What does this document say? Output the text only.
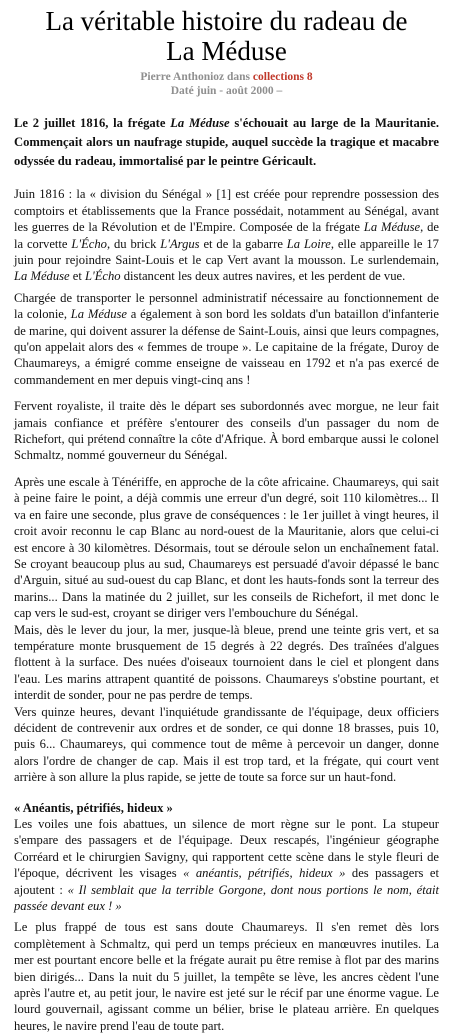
La véritable histoire du radeau de
La Méduse
Pierre Anthonioz dans collections 8
Daté juin - août 2000 –
Le 2 juillet 1816, la frégate La Méduse s'échouait au large de la Mauritanie. Commençait alors un naufrage stupide, auquel succède la tragique et macabre odyssée du radeau, immortalisé par le peintre Géricault.

Juin 1816 : la « division du Sénégal » [1] est créée pour reprendre possession des comptoirs et établissements que la France possédait, notamment au Sénégal, avant les guerres de la Révolution et de l'Empire. Composée de la frégate La Méduse, de la corvette L'Écho, du brick L'Argus et de la gabarre La Loire, elle appareille le 17 juin pour rejoindre Saint-Louis et le cap Vert avant la mousson. Le surlendemain, La Méduse et L'Écho distancent les deux autres navires, et les perdent de vue.

Chargée de transporter le personnel administratif nécessaire au fonctionnement de la colonie, La Méduse a également à son bord les soldats d'un bataillon d'infanterie de marine, qui doivent assurer la défense de Saint-Louis, ainsi que leurs compagnes, qu'on appelait alors des « femmes de troupe ». Le capitaine de la frégate, Duroy de Chaumareys, a émigré comme enseigne de vaisseau en 1792 et n'a pas exercé de commandement en mer depuis vingt-cinq ans !

Fervent royaliste, il traite dès le départ ses subordonnés avec morgue, ne leur fait jamais confiance et préfère s'entourer des conseils d'un passager du nom de Richefort, qui prétend connaître la côte d'Afrique. À bord embarque aussi le colonel Schmaltz, nommé gouverneur du Sénégal.

Après une escale à Ténériffe, en approche de la côte africaine. Chaumareys, qui sait à peine faire le point, a déjà commis une erreur d'un degré, soit 110 kilomètres... Il va en faire une seconde, plus grave de conséquences : le 1er juillet à vingt heures, il croit avoir reconnu le cap Blanc au nord-ouest de la Mauritanie, alors que celui-ci est encore à 30 kilomètres. Désormais, tout se déroule selon un enchaînement fatal. Se croyant beaucoup plus au sud, Chaumareys est persuadé d'avoir dépassé le banc d'Arguin, situé au sud-ouest du cap Blanc, et dont les hauts-fonds sont la terreur des marins... Dans la matinée du 2 juillet, sur les conseils de Richefort, il met donc le cap vers le sud-est, croyant se diriger vers l'embouchure du Sénégal.

Mais, dès le lever du jour, la mer, jusque-là bleue, prend une teinte gris vert, et sa température monte brusquement de 15 degrés à 22 degrés. Des traînées d'algues flottent à la surface. Des nuées d'oiseaux tournoient dans le ciel et plongent dans l'eau. Les marins attrapent quantité de poissons. Chaumareys s'obstine pourtant, et interdit de sonder, pour ne pas perdre de temps.

Vers quinze heures, devant l'inquiétude grandissante de l'équipage, deux officiers décident de contrevenir aux ordres et de sonder, ce qui donne 18 brasses, puis 10, puis 6... Chaumareys, qui commence tout de même à percevoir un danger, donne alors l'ordre de changer de cap. Mais il est trop tard, et la frégate, qui court vent arrière à son allure la plus rapide, se jette de toute sa force sur un haut-fond.

« Anéantis, pétrifiés, hideux »

Les voiles une fois abattues, un silence de mort règne sur le pont. La stupeur s'empare des passagers et de l'équipage. Deux rescapés, l'ingénieur géographe Corréard et le chirurgien Savigny, qui rapportent cette scène dans le style fleuri de l'époque, décrivent les visages « anéantis, pétrifiés, hideux » des passagers et ajoutent : « Il semblait que la terrible Gorgone, dont nous portions le nom, était passée devant eux ! »

Le plus frappé de tous est sans doute Chaumareys. Il s'en remet dès lors complètement à Schmaltz, qui perd un temps précieux en manœuvres inutiles. La mer est pourtant encore belle et la frégate aurait pu être remise à flot par des marins bien dirigés... Dans la nuit du 5 juillet, la tempête se lève, les ancres cèdent l'une après l'autre et, au petit jour, le navire est jeté sur le récif par une énorme vague. Le lourd gouvernail, agissant comme un bélier, brise le plateau arrière. En quelques heures, le navire prend l'eau de toute part.
